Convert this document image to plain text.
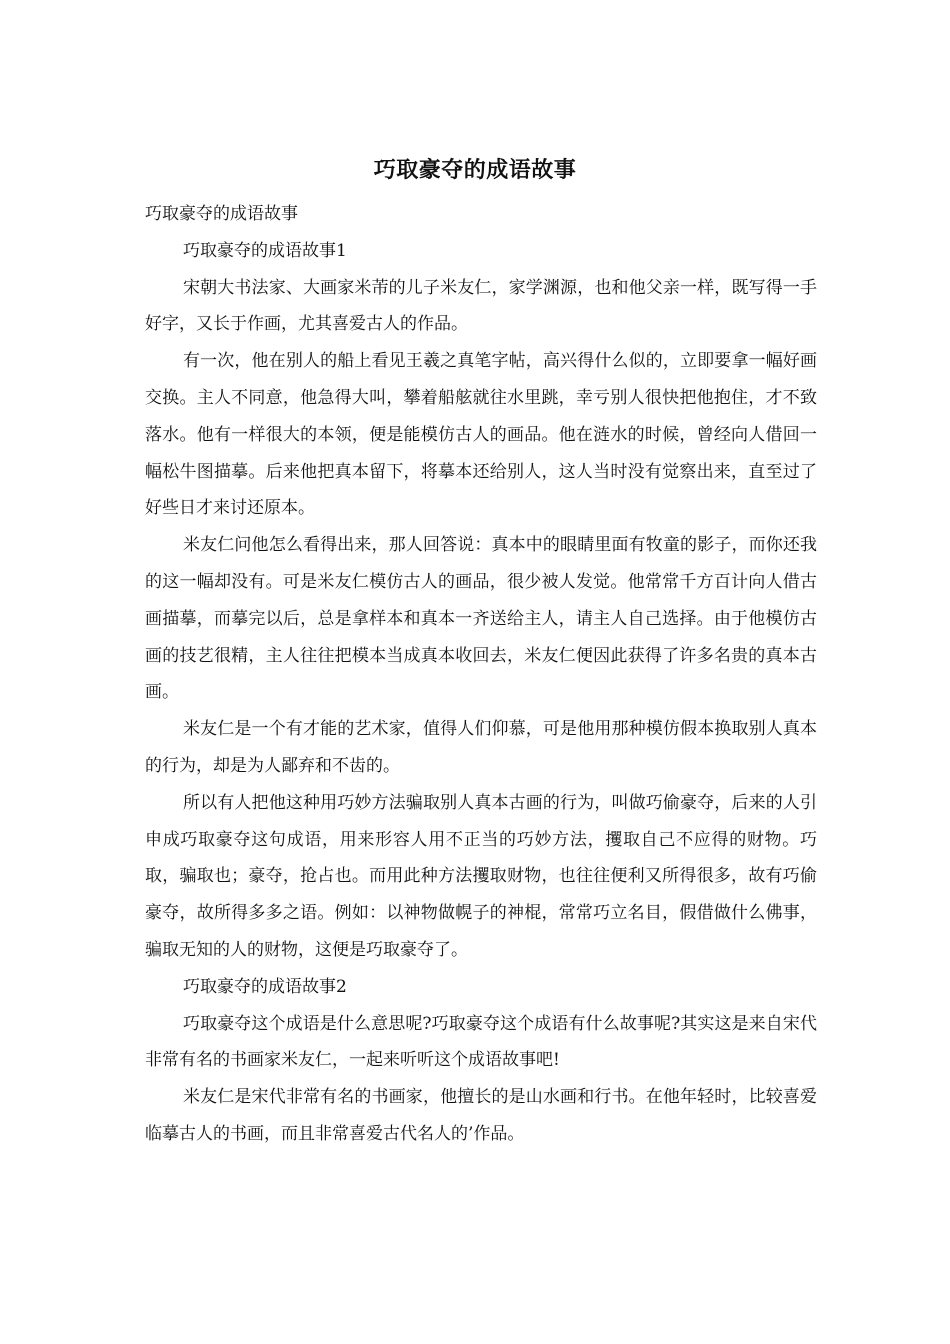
巧取豪夺的成语故事

巧取豪夺的成语故事

巧取豪夺的成语故事1

宋朝大书法家、大画家米芾的儿子米友仁，家学渊源，也和他父亲一样，既写得一手好字，又长于作画，尤其喜爱古人的作品。

有一次，他在别人的船上看见王羲之真笔字帖，高兴得什么似的，立即要拿一幅好画交换。主人不同意，他急得大叫，攀着船舷就往水里跳，幸亏别人很快把他抱住，才不致落水。他有一样很大的本领，便是能模仿古人的画品。他在涟水的时候，曾经向人借回一幅松牛图描摹。后来他把真本留下，将摹本还给别人，这人当时没有觉察出来，直至过了好些日才来讨还原本。

米友仁问他怎么看得出来，那人回答说：真本中的眼睛里面有牧童的影子，而你还我的这一幅却没有。可是米友仁模仿古人的画品，很少被人发觉。他常常千方百计向人借古画描摹，而摹完以后，总是拿样本和真本一齐送给主人，请主人自己选择。由于他模仿古画的技艺很精，主人往往把模本当成真本收回去，米友仁便因此获得了许多名贵的真本古画。

米友仁是一个有才能的艺术家，值得人们仰慕，可是他用那种模仿假本换取别人真本的行为，却是为人鄙弃和不齿的。

所以有人把他这种用巧妙方法骗取别人真本古画的行为，叫做巧偷豪夺，后来的人引申成巧取豪夺这句成语，用来形容人用不正当的巧妙方法，攫取自己不应得的财物。巧取，骗取也；豪夺，抢占也。而用此种方法攫取财物，也往往便利又所得很多，故有巧偷豪夺，故所得多多之语。例如：以神物做幌子的神棍，常常巧立名目，假借做什么佛事，骗取无知的人的财物，这便是巧取豪夺了。

巧取豪夺的成语故事2

巧取豪夺这个成语是什么意思呢?巧取豪夺这个成语有什么故事呢?其实这是来自宋代非常有名的书画家米友仁，一起来听听这个成语故事吧!

米友仁是宋代非常有名的书画家，他擅长的是山水画和行书。在他年轻时，比较喜爱临摹古人的书画，而且非常喜爱古代名人的’作品。
